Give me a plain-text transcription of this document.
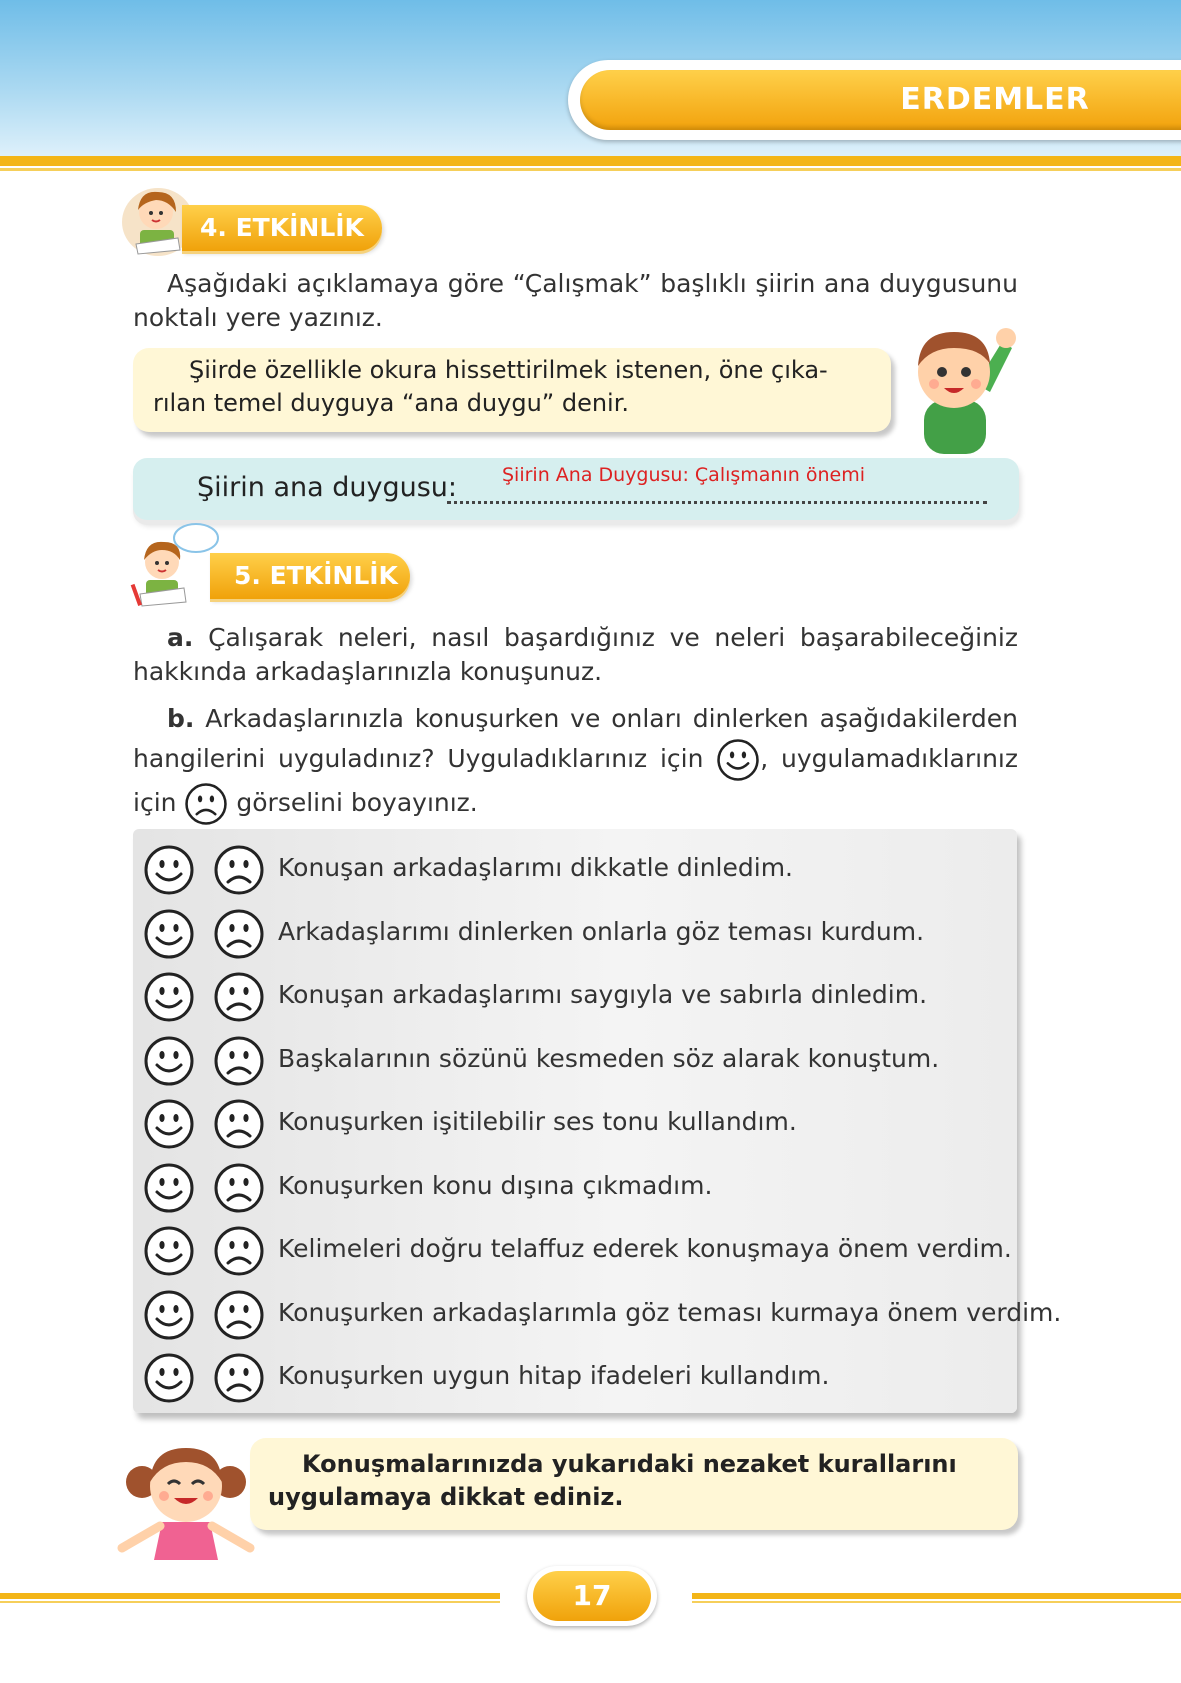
ERDEMLER
4. ETKİNLİK
Aşağıdaki açıklamaya göre “Çalışmak” başlıklı şiirin ana duygusunu noktalı yere yazınız.
Şiirde özellikle okura hissettirilmek istenen, öne çıka-
rılan temel duyguya “ana duygu” denir.
Şiirin ana duygusu: Şiirin Ana Duygusu: Çalışmanın önemi
5. ETKİNLİK
a. Çalışarak neleri, nasıl başardığınız ve neleri başarabileceğiniz hakkında arkadaşlarınızla konuşunuz.
b. Arkadaşlarınızla konuşurken ve onları dinlerken aşağıdakilerden hangilerini uyguladınız? Uyguladıklarınız için , uygulamadıklarınız için görselini boyayınız.
Konuşan arkadaşlarımı dikkatle dinledim.
Arkadaşlarımı dinlerken onlarla göz teması kurdum.
Konuşan arkadaşlarımı saygıyla ve sabırla dinledim.
Başkalarının sözünü kesmeden söz alarak konuştum.
Konuşurken işitilebilir ses tonu kullandım.
Konuşurken konu dışına çıkmadım.
Kelimeleri doğru telaffuz ederek konuşmaya önem verdim.
Konuşurken arkadaşlarımla göz teması kurmaya önem verdim.
Konuşurken uygun hitap ifadeleri kullandım.
Konuşmalarınızda yukarıdaki nezaket kurallarını uygulamaya dikkat ediniz.
17
